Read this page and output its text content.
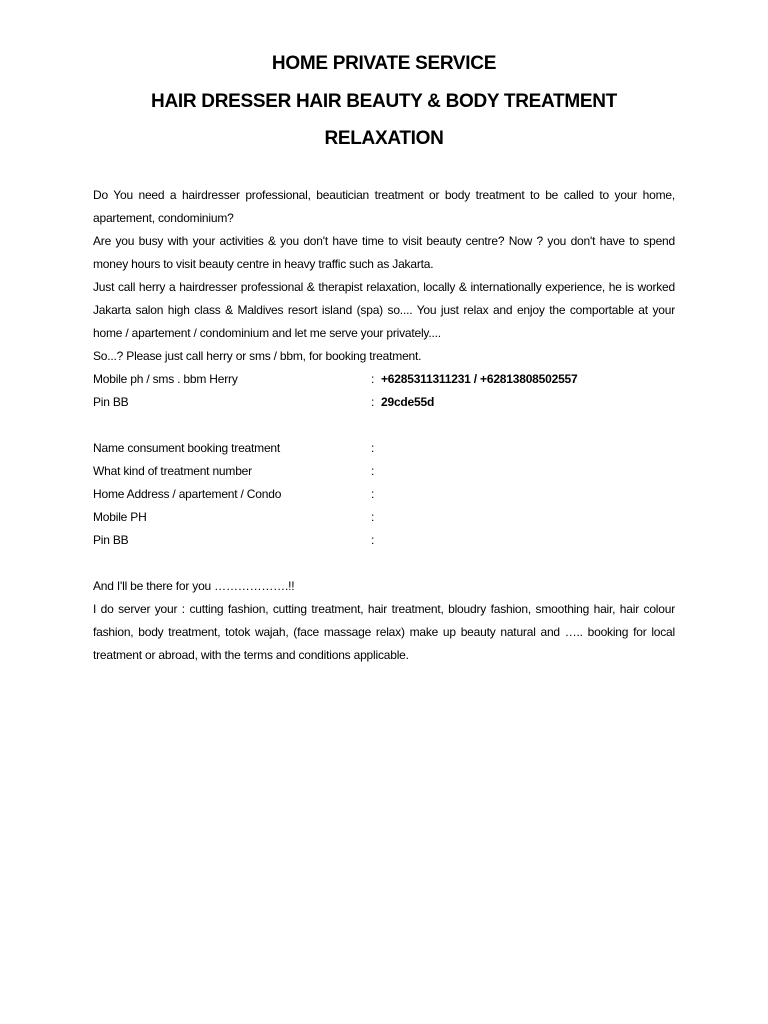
HOME PRIVATE SERVICE
HAIR DRESSER HAIR BEAUTY & BODY TREATMENT
RELAXATION

Do You need a hairdresser professional, beautician treatment or body treatment to be called to your home, apartement, condominium?

Are you busy with your activities & you don't have time to visit beauty centre? Now ? you don't have to spend money hours to visit beauty centre in heavy traffic such as Jakarta.

Just call herry a hairdresser professional & therapist relaxation, locally & internationally experience, he is worked Jakarta salon high class & Maldives resort island (spa) so.... You just relax and enjoy the comportable at your home / apartement / condominium and let me serve your privately....

So...? Please just call herry or sms / bbm, for booking treatment.

Mobile ph / sms . bbm Herry	: +6285311311231 / +62813808502557
Pin BB	: 29cde55d
Name consument booking treatment	:
What kind of treatment number	:
Home Address / apartement / Condo	:
Mobile PH	:
Pin BB	:

And I'll be there for you ……………….!!

I do server your : cutting fashion, cutting treatment, hair treatment, bloudry fashion, smoothing hair, hair colour fashion, body treatment, totok wajah, (face massage relax) make up beauty natural and ….. booking for local treatment or abroad, with the terms and conditions applicable.
